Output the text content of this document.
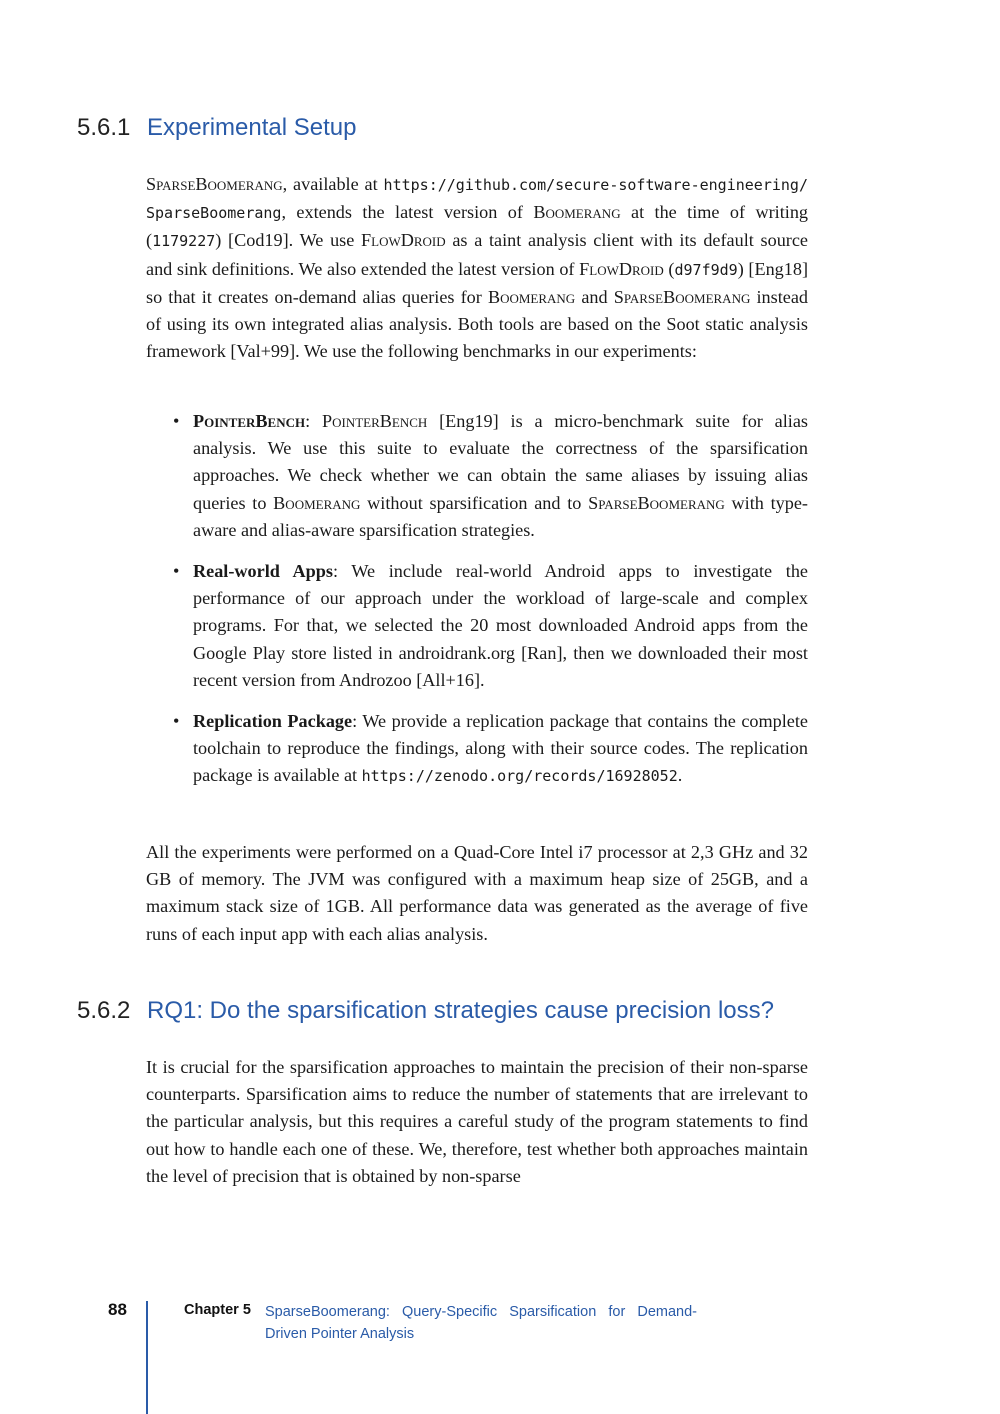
5.6.1 Experimental Setup

SparseBoomerang, available at https://github.com/secure-software-engineering/SparseBoomerang, extends the latest version of Boomerang at the time of writing (1179227) [Cod19]. We use FlowDroid as a taint analysis client with its default source and sink definitions. We also extended the latest version of FlowDroid (d97f9d9) [Eng18] so that it creates on-demand alias queries for Boomerang and SparseBoomerang instead of using its own integrated alias analysis. Both tools are based on the Soot static analysis framework [Val+99]. We use the following benchmarks in our experiments:

• PointerBench: PointerBench [Eng19] is a micro-benchmark suite for alias analysis. We use this suite to evaluate the correctness of the sparsification approaches. We check whether we can obtain the same aliases by issuing alias queries to Boomerang without sparsification and to SparseBoomerang with type-aware and alias-aware sparsification strategies.
• Real-world Apps: We include real-world Android apps to investigate the performance of our approach under the workload of large-scale and complex programs. For that, we selected the 20 most downloaded Android apps from the Google Play store listed in androidrank.org [Ran], then we downloaded their most recent version from Androzoo [All+16].
• Replication Package: We provide a replication package that contains the complete toolchain to reproduce the findings, along with their source codes. The replication package is available at https://zenodo.org/records/16928052.

All the experiments were performed on a Quad-Core Intel i7 processor at 2,3 GHz and 32 GB of memory. The JVM was configured with a maximum heap size of 25GB, and a maximum stack size of 1GB. All performance data was generated as the average of five runs of each input app with each alias analysis.

5.6.2 RQ1: Do the sparsification strategies cause precision loss?

It is crucial for the sparsification approaches to maintain the precision of their non-sparse counterparts. Sparsification aims to reduce the number of statements that are irrelevant to the particular analysis, but this requires a careful study of the program statements to find out how to handle each one of these. We, therefore, test whether both approaches maintain the level of precision that is obtained by non-sparse

88	Chapter 5 SparseBoomerang: Query-Specific Sparsification for Demand-Driven Pointer Analysis
